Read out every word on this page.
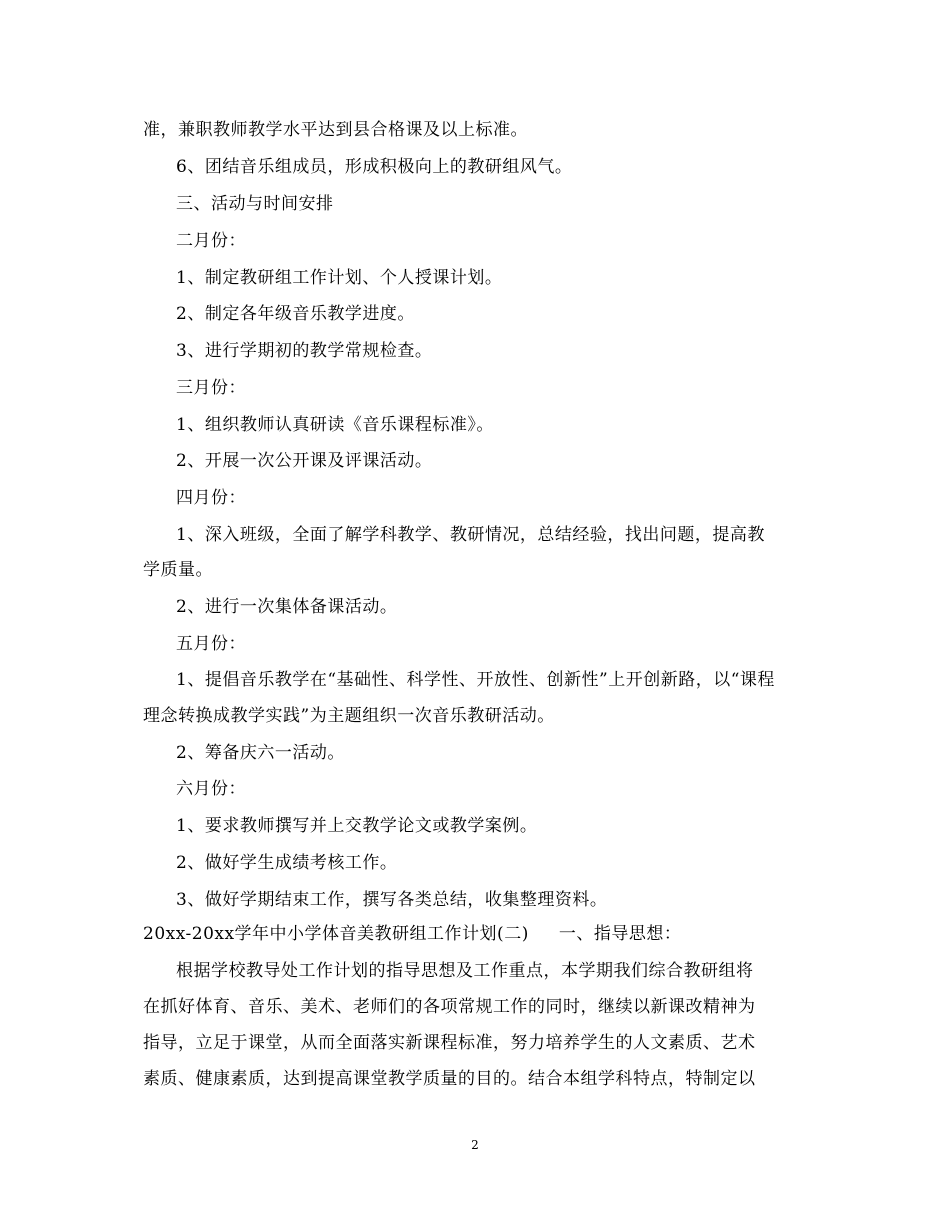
准，兼职教师教学水平达到县合格课及以上标准。
6、团结音乐组成员，形成积极向上的教研组风气。
三、活动与时间安排
二月份：
1、制定教研组工作计划、个人授课计划。
2、制定各年级音乐教学进度。
3、进行学期初的教学常规检查。
三月份：
1、组织教师认真研读《音乐课程标准》。
2、开展一次公开课及评课活动。
四月份：
1、深入班级，全面了解学科教学、教研情况，总结经验，找出问题，提高教
学质量。
2、进行一次集体备课活动。
五月份：
1、提倡音乐教学在“基础性、科学性、开放性、创新性”上开创新路，以“课程
理念转换成教学实践”为主题组织一次音乐教研活动。
2、筹备庆六一活动。
六月份：
1、要求教师撰写并上交教学论文或教学案例。
2、做好学生成绩考核工作。
3、做好学期结束工作，撰写各类总结，收集整理资料。
20xx-20xx学年中小学体音美教研组工作计划(二) 一、指导思想：
根据学校教导处工作计划的指导思想及工作重点，本学期我们综合教研组将
在抓好体育、音乐、美术、老师们的各项常规工作的同时，继续以新课改精神为
指导，立足于课堂，从而全面落实新课程标准，努力培养学生的人文素质、艺术
素质、健康素质，达到提高课堂教学质量的目的。结合本组学科特点，特制定以
2
